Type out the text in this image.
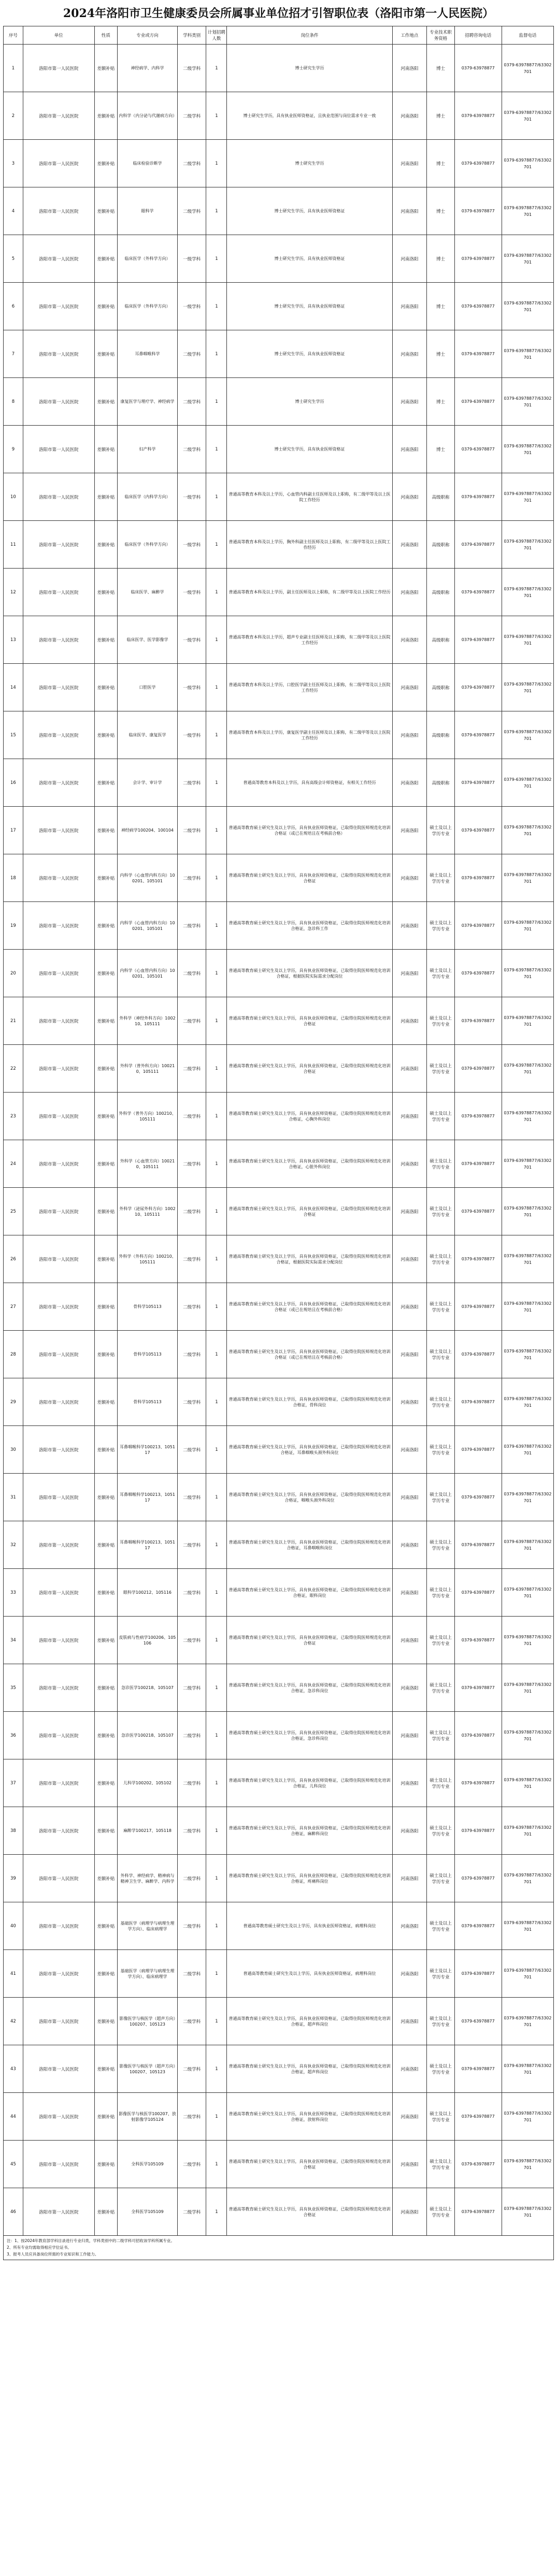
2024年洛阳市卫生健康委员会所属事业单位招才引智职位表（洛阳市第一人民医院）
序号	单位	性质	专业或方向	学科类别	计划招聘人数	岗位条件	工作地点	专业技术职务资格	招聘咨询电话	监督电话
1	洛阳市第一人民医院	差额补贴	神经病学、内科学	二级学科	1	博士研究生学历	河南洛阳	博士	0379-63978877	0379-63978877/63302701
2	洛阳市第一人民医院	差额补贴	内科学（内分泌与代谢病方向）	二级学科	1	博士研究生学历，具有执业医师资格证，且执业范围与岗位需求专业一致	河南洛阳	博士	0379-63978877	0379-63978877/63302701
3	洛阳市第一人民医院	差额补贴	临床检验诊断学	二级学科	1	博士研究生学历	河南洛阳	博士	0379-63978877	0379-63978877/63302701
4	洛阳市第一人民医院	差额补贴	眼科学	二级学科	1	博士研究生学历，具有执业医师资格证	河南洛阳	博士	0379-63978877	0379-63978877/63302701
5	洛阳市第一人民医院	差额补贴	临床医学（外科学方向）	一级学科	1	博士研究生学历，具有执业医师资格证	河南洛阳	博士	0379-63978877	0379-63978877/63302701
6	洛阳市第一人民医院	差额补贴	临床医学（外科学方向）	一级学科	1	博士研究生学历，具有执业医师资格证	河南洛阳	博士	0379-63978877	0379-63978877/63302701
7	洛阳市第一人民医院	差额补贴	耳鼻咽喉科学	二级学科	1	博士研究生学历，具有执业医师资格证	河南洛阳	博士	0379-63978877	0379-63978877/63302701
8	洛阳市第一人民医院	差额补贴	康复医学与理疗学、神经病学	二级学科	1	博士研究生学历	河南洛阳	博士	0379-63978877	0379-63978877/63302701
9	洛阳市第一人民医院	差额补贴	妇产科学	二级学科	1	博士研究生学历，具有执业医师资格证	河南洛阳	博士	0379-63978877	0379-63978877/63302701
10	洛阳市第一人民医院	差额补贴	临床医学（内科学方向）	一级学科	1	普通高等教育本科及以上学历，心血管内科副主任医师及以上职称，有二级甲等及以上医院工作经历	河南洛阳	高级职称	0379-63978877	0379-63978877/63302701
11	洛阳市第一人民医院	差额补贴	临床医学（外科学方向）	一级学科	1	普通高等教育本科及以上学历，胸外科副主任医师及以上职称，有二级甲等及以上医院工作经历	河南洛阳	高级职称	0379-63978877	0379-63978877/63302701
12	洛阳市第一人民医院	差额补贴	临床医学、麻醉学	一级学科	1	普通高等教育本科及以上学历，副主任医师及以上职称，有二级甲等及以上医院工作经历	河南洛阳	高级职称	0379-63978877	0379-63978877/63302701
13	洛阳市第一人民医院	差额补贴	临床医学、医学影像学	一级学科	1	普通高等教育本科及以上学历，超声专业副主任医师及以上职称，有二级甲等及以上医院工作经历	河南洛阳	高级职称	0379-63978877	0379-63978877/63302701
14	洛阳市第一人民医院	差额补贴	口腔医学	一级学科	1	普通高等教育本科及以上学历，口腔医学副主任医师及以上职称，有二级甲等及以上医院工作经历	河南洛阳	高级职称	0379-63978877	0379-63978877/63302701
15	洛阳市第一人民医院	差额补贴	临床医学、康复医学	一级学科	1	普通高等教育本科及以上学历，康复医学副主任医师及以上职称，有二级甲等及以上医院工作经历	河南洛阳	高级职称	0379-63978877	0379-63978877/63302701
16	洛阳市第一人民医院	差额补贴	会计学、审计学	二级学科	1	普通高等教育本科及以上学历，具有高级会计师资格证，有相关工作经历	河南洛阳	高级职称	0379-63978877	0379-63978877/63302701
17	洛阳市第一人民医院	差额补贴	神经病学100204、100104	二级学科	1	普通高等教育硕士研究生及以上学历，具有执业医师资格证，已取得住院医师规范化培训合格证（或已在规培且在考核前合格）	河南洛阳	硕士及以上学历专业	0379-63978877	0379-63978877/63302701
18	洛阳市第一人民医院	差额补贴	内科学（心血管内科方向）100201、105101	二级学科	1	普通高等教育硕士研究生及以上学历，具有执业医师资格证，已取得住院医师规范化培训合格证	河南洛阳	硕士及以上学历专业	0379-63978877	0379-63978877/63302701
19	洛阳市第一人民医院	差额补贴	内科学（心血管内科方向）100201、105101	二级学科	1	普通高等教育硕士研究生及以上学历，具有执业医师资格证，已取得住院医师规范化培训合格证，急诊科工作	河南洛阳	硕士及以上学历专业	0379-63978877	0379-63978877/63302701
20	洛阳市第一人民医院	差额补贴	内科学（心血管内科方向）100201、105101	二级学科	1	普通高等教育硕士研究生及以上学历，具有执业医师资格证，已取得住院医师规范化培训合格证，根据医院实际需求分配岗位	河南洛阳	硕士及以上学历专业	0379-63978877	0379-63978877/63302701
21	洛阳市第一人民医院	差额补贴	外科学（神经外科方向）100210、105111	二级学科	1	普通高等教育硕士研究生及以上学历，具有执业医师资格证，已取得住院医师规范化培训合格证	河南洛阳	硕士及以上学历专业	0379-63978877	0379-63978877/63302701
22	洛阳市第一人民医院	差额补贴	外科学（普外科方向）100210、105111	二级学科	1	普通高等教育硕士研究生及以上学历，具有执业医师资格证，已取得住院医师规范化培训合格证	河南洛阳	硕士及以上学历专业	0379-63978877	0379-63978877/63302701
23	洛阳市第一人民医院	差额补贴	外科学（普外方向）100210、105111	二级学科	1	普通高等教育硕士研究生及以上学历，具有执业医师资格证，已取得住院医师规范化培训合格证，心胸外科岗位	河南洛阳	硕士及以上学历专业	0379-63978877	0379-63978877/63302701
24	洛阳市第一人民医院	差额补贴	外科学（心血管方向）100210、105111	二级学科	1	普通高等教育硕士研究生及以上学历，具有执业医师资格证，已取得住院医师规范化培训合格证，心脏外科岗位	河南洛阳	硕士及以上学历专业	0379-63978877	0379-63978877/63302701
25	洛阳市第一人民医院	差额补贴	外科学（泌尿外科方向）100210、105111	二级学科	1	普通高等教育硕士研究生及以上学历，具有执业医师资格证，已取得住院医师规范化培训合格证	河南洛阳	硕士及以上学历专业	0379-63978877	0379-63978877/63302701
26	洛阳市第一人民医院	差额补贴	外科学（外科方向）100210、105111	二级学科	1	普通高等教育硕士研究生及以上学历，具有执业医师资格证，已取得住院医师规范化培训合格证，根据医院实际需求分配岗位	河南洛阳	硕士及以上学历专业	0379-63978877	0379-63978877/63302701
27	洛阳市第一人民医院	差额补贴	骨科学105113	二级学科	1	普通高等教育硕士研究生及以上学历，具有执业医师资格证，已取得住院医师规范化培训合格证（或已在规培且在考核前合格）	河南洛阳	硕士及以上学历专业	0379-63978877	0379-63978877/63302701
28	洛阳市第一人民医院	差额补贴	骨科学105113	二级学科	1	普通高等教育硕士研究生及以上学历，具有执业医师资格证，已取得住院医师规范化培训合格证（或已在规培且在考核前合格）	河南洛阳	硕士及以上学历专业	0379-63978877	0379-63978877/63302701
29	洛阳市第一人民医院	差额补贴	骨科学105113	二级学科	1	普通高等教育硕士研究生及以上学历，具有执业医师资格证，已取得住院医师规范化培训合格证，骨科岗位	河南洛阳	硕士及以上学历专业	0379-63978877	0379-63978877/63302701
30	洛阳市第一人民医院	差额补贴	耳鼻咽喉科学100213、105117	二级学科	1	普通高等教育硕士研究生及以上学历，具有执业医师资格证，已取得住院医师规范化培训合格证，耳鼻咽喉头颈外科岗位	河南洛阳	硕士及以上学历专业	0379-63978877	0379-63978877/63302701
31	洛阳市第一人民医院	差额补贴	耳鼻咽喉科学100213、105117	二级学科	1	普通高等教育硕士研究生及以上学历，具有执业医师资格证，已取得住院医师规范化培训合格证，咽喉头颈外科岗位	河南洛阳	硕士及以上学历专业	0379-63978877	0379-63978877/63302701
32	洛阳市第一人民医院	差额补贴	耳鼻咽喉科学100213、105117	二级学科	1	普通高等教育硕士研究生及以上学历，具有执业医师资格证，已取得住院医师规范化培训合格证，耳鼻咽喉科岗位	河南洛阳	硕士及以上学历专业	0379-63978877	0379-63978877/63302701
33	洛阳市第一人民医院	差额补贴	眼科学100212、105116	二级学科	1	普通高等教育硕士研究生及以上学历，具有执业医师资格证，已取得住院医师规范化培训合格证，眼科岗位	河南洛阳	硕士及以上学历专业	0379-63978877	0379-63978877/63302701
34	洛阳市第一人民医院	差额补贴	皮肤病与性病学100206、105106	二级学科	1	普通高等教育硕士研究生及以上学历，具有执业医师资格证，已取得住院医师规范化培训合格证	河南洛阳	硕士及以上学历专业	0379-63978877	0379-63978877/63302701
35	洛阳市第一人民医院	差额补贴	急诊医学100218、105107	二级学科	1	普通高等教育硕士研究生及以上学历，具有执业医师资格证，已取得住院医师规范化培训合格证，急诊科岗位	河南洛阳	硕士及以上学历专业	0379-63978877	0379-63978877/63302701
36	洛阳市第一人民医院	差额补贴	急诊医学100218、105107	二级学科	1	普通高等教育硕士研究生及以上学历，具有执业医师资格证，已取得住院医师规范化培训合格证，急诊科岗位	河南洛阳	硕士及以上学历专业	0379-63978877	0379-63978877/63302701
37	洛阳市第一人民医院	差额补贴	儿科学100202、105102	二级学科	1	普通高等教育硕士研究生及以上学历，具有执业医师资格证，已取得住院医师规范化培训合格证，儿科岗位	河南洛阳	硕士及以上学历专业	0379-63978877	0379-63978877/63302701
38	洛阳市第一人民医院	差额补贴	麻醉学100217、105118	二级学科	1	普通高等教育硕士研究生及以上学历，具有执业医师资格证，已取得住院医师规范化培训合格证，麻醉科岗位	河南洛阳	硕士及以上学历专业	0379-63978877	0379-63978877/63302701
39	洛阳市第一人民医院	差额补贴	外科学、神经病学、精神病与精神卫生学、麻醉学、内科学	二级学科	1	普通高等教育硕士研究生及以上学历，具有执业医师资格证，已取得住院医师规范化培训合格证，疼痛科岗位	河南洛阳	硕士及以上学历专业	0379-63978877	0379-63978877/63302701
40	洛阳市第一人民医院	差额补贴	基础医学（病理学与病理生理学方向）、临床病理学	二级学科	1	普通高等教育硕士研究生及以上学历，具有执业医师资格证，病理科岗位	河南洛阳	硕士及以上学历专业	0379-63978877	0379-63978877/63302701
41	洛阳市第一人民医院	差额补贴	基础医学（病理学与病理生理学方向）、临床病理学	二级学科	1	普通高等教育硕士研究生及以上学历，具有执业医师资格证，病理科岗位	河南洛阳	硕士及以上学历专业	0379-63978877	0379-63978877/63302701
42	洛阳市第一人民医院	差额补贴	影像医学与核医学（超声方向）100207、105123	二级学科	1	普通高等教育硕士研究生及以上学历，具有执业医师资格证，已取得住院医师规范化培训合格证，超声科岗位	河南洛阳	硕士及以上学历专业	0379-63978877	0379-63978877/63302701
43	洛阳市第一人民医院	差额补贴	影像医学与核医学（超声方向）100207、105123	二级学科	1	普通高等教育硕士研究生及以上学历，具有执业医师资格证，已取得住院医师规范化培训合格证，超声科岗位	河南洛阳	硕士及以上学历专业	0379-63978877	0379-63978877/63302701
44	洛阳市第一人民医院	差额补贴	影像医学与核医学100207、放射影像学105124	二级学科	1	普通高等教育硕士研究生及以上学历，具有执业医师资格证，已取得住院医师规范化培训合格证，放射科岗位	河南洛阳	硕士及以上学历专业	0379-63978877	0379-63978877/63302701
45	洛阳市第一人民医院	差额补贴	全科医学105109	二级学科	1	普通高等教育硕士研究生及以上学历，具有执业医师资格证，已取得住院医师规范化培训合格证	河南洛阳	硕士及以上学历专业	0379-63978877	0379-63978877/63302701
46	洛阳市第一人民医院	差额补贴	全科医学105109	二级学科	1	普通高等教育硕士研究生及以上学历，具有执业医师资格证，已取得住院医师规范化培训合格证	河南洛阳	硕士及以上学历专业	0379-63978877	0379-63978877/63302701
注：1、按2024年教育部学科目录进行专业归类，学科类别中的二级学科可招收该学科所属专业。
2、所有专业均需取得相应学位证书。
3、报考人员应具备岗位所需的专业知识和工作能力。
